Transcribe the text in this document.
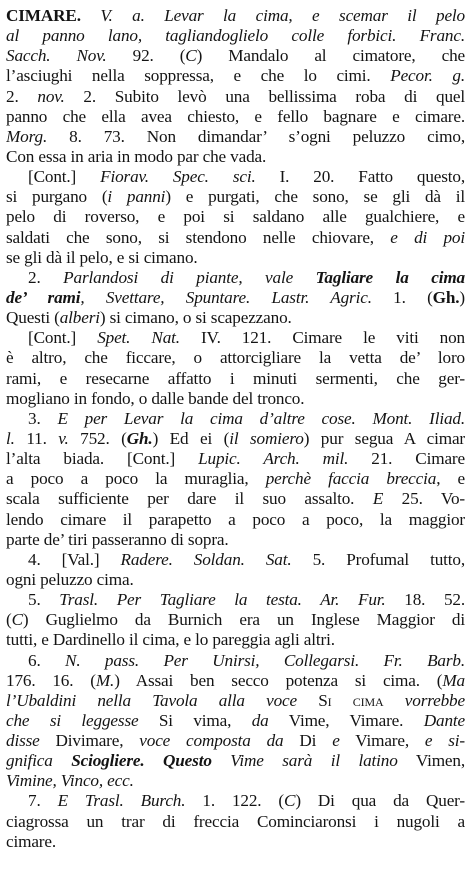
CIMARE. V. a. Levar la cima, e scemar il pelo
al panno lano, tagliandoglielo colle forbici. Franc.
Sacch. Nov. 92. (C) Mandalo al cimatore, che
l’asciughi nella soppressa, e che lo cimi. Pecor. g.
2. nov. 2. Subito levò una bellissima roba di quel
panno che ella avea chiesto, e fello bagnare e cimare.
Morg. 8. 73. Non dimandar’ s’ogni peluzzo cimo,
Con essa in aria in modo par che vada.
[Cont.] Fiorav. Spec. sci. I. 20. Fatto questo,
si purgano (i panni) e purgati, che sono, se gli dà il
pelo di roverso, e poi si saldano alle gualchiere, e
saldati che sono, si stendono nelle chiovare, e di poi
se gli dà il pelo, e si cimano.
2. Parlandosi di piante, vale Tagliare la cima
de’ rami, Svettare, Spuntare. Lastr. Agric. 1. (Gh.)
Questi (alberi) si cimano, o si scapezzano.
[Cont.] Spet. Nat. IV. 121. Cimare le viti non
è altro, che ficcare, o attorcigliare la vetta de’ loro
rami, e resecarne affatto i minuti sermenti, che ger-
mogliano in fondo, o dalle bande del tronco.
3. E per Levar la cima d’altre cose. Mont. Iliad.
l. 11. v. 752. (Gh.) Ed ei (il somiero) pur segua A cimar
l’alta biada. [Cont.] Lupic. Arch. mil. 21. Cimare
a poco a poco la muraglia, perchè faccia breccia, e
scala sufficiente per dare il suo assalto. E 25. Vo-
lendo cimare il parapetto a poco a poco, la maggior
parte de’ tiri passeranno di sopra.
4. [Val.] Radere. Soldan. Sat. 5. Profumal tutto,
ogni peluzzo cima.
5. Trasl. Per Tagliare la testa. Ar. Fur. 18. 52.
(C) Guglielmo da Burnich era un Inglese Maggior di
tutti, e Dardinello il cima, e lo pareggia agli altri.
6. N. pass. Per Unirsi, Collegarsi. Fr. Barb.
176. 16. (M.) Assai ben secco potenza si cima. (Ma
l’Ubaldini nella Tavola alla voce Si cima vorrebbe
che si leggesse Si vima, da Vime, Vimare. Dante
disse Divimare, voce composta da Di e Vimare, e si-
gnifica Sciogliere. Questo Vime sarà il latino Vimen,
Vimine, Vinco, ecc.
7. E Trasl. Burch. 1. 122. (C) Di qua da Quer-
ciagrossa un trar di freccia Cominciaronsi i nugoli a
cimare.
